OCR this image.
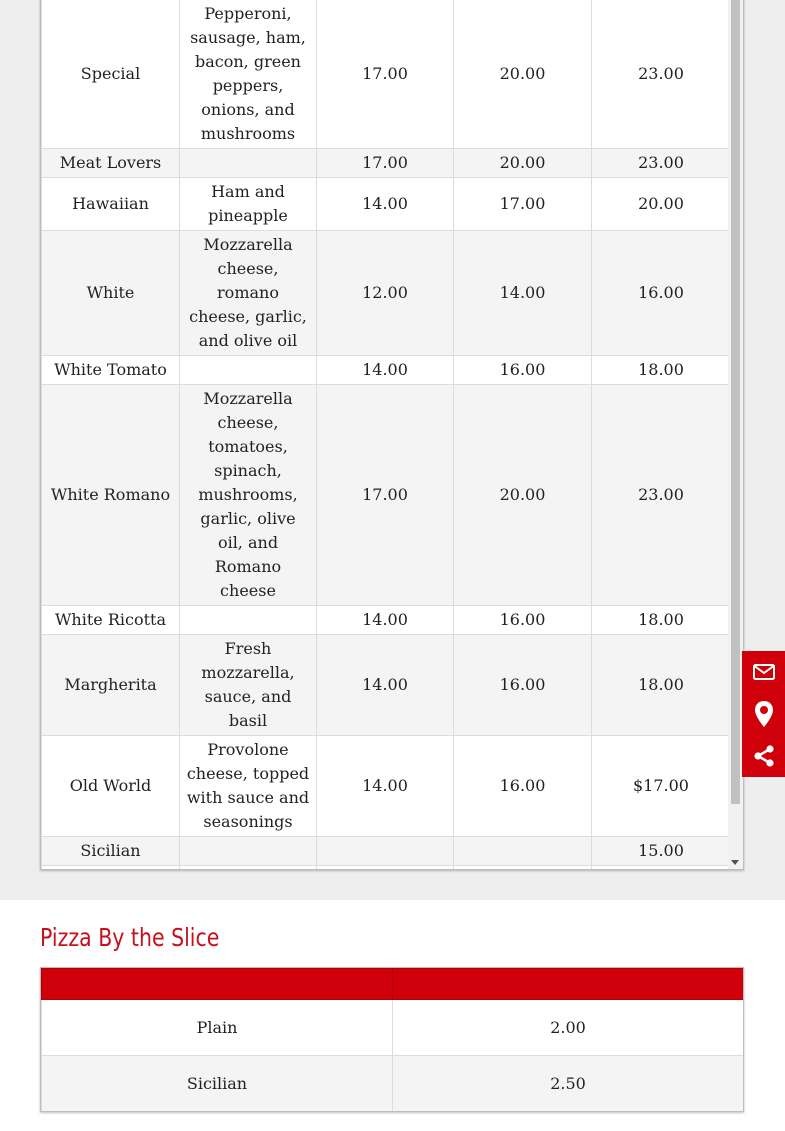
Special	Pepperoni, sausage, ham, bacon, green peppers, onions, and mushrooms	17.00	20.00	23.00
Meat Lovers		17.00	20.00	23.00
Hawaiian	Ham and pineapple	14.00	17.00	20.00
White	Mozzarella cheese, romano cheese, garlic, and olive oil	12.00	14.00	16.00
White Tomato		14.00	16.00	18.00
White Romano	Mozzarella cheese, tomatoes, spinach, mushrooms, garlic, olive oil, and Romano cheese	17.00	20.00	23.00
White Ricotta		14.00	16.00	18.00
Margherita	Fresh mozzarella, sauce, and basil	14.00	16.00	18.00
Old World	Provolone cheese, topped with sauce and seasonings	14.00	16.00	$17.00
Sicilian				15.00

Pizza By the Slice

Plain	2.00
Sicilian	2.50
